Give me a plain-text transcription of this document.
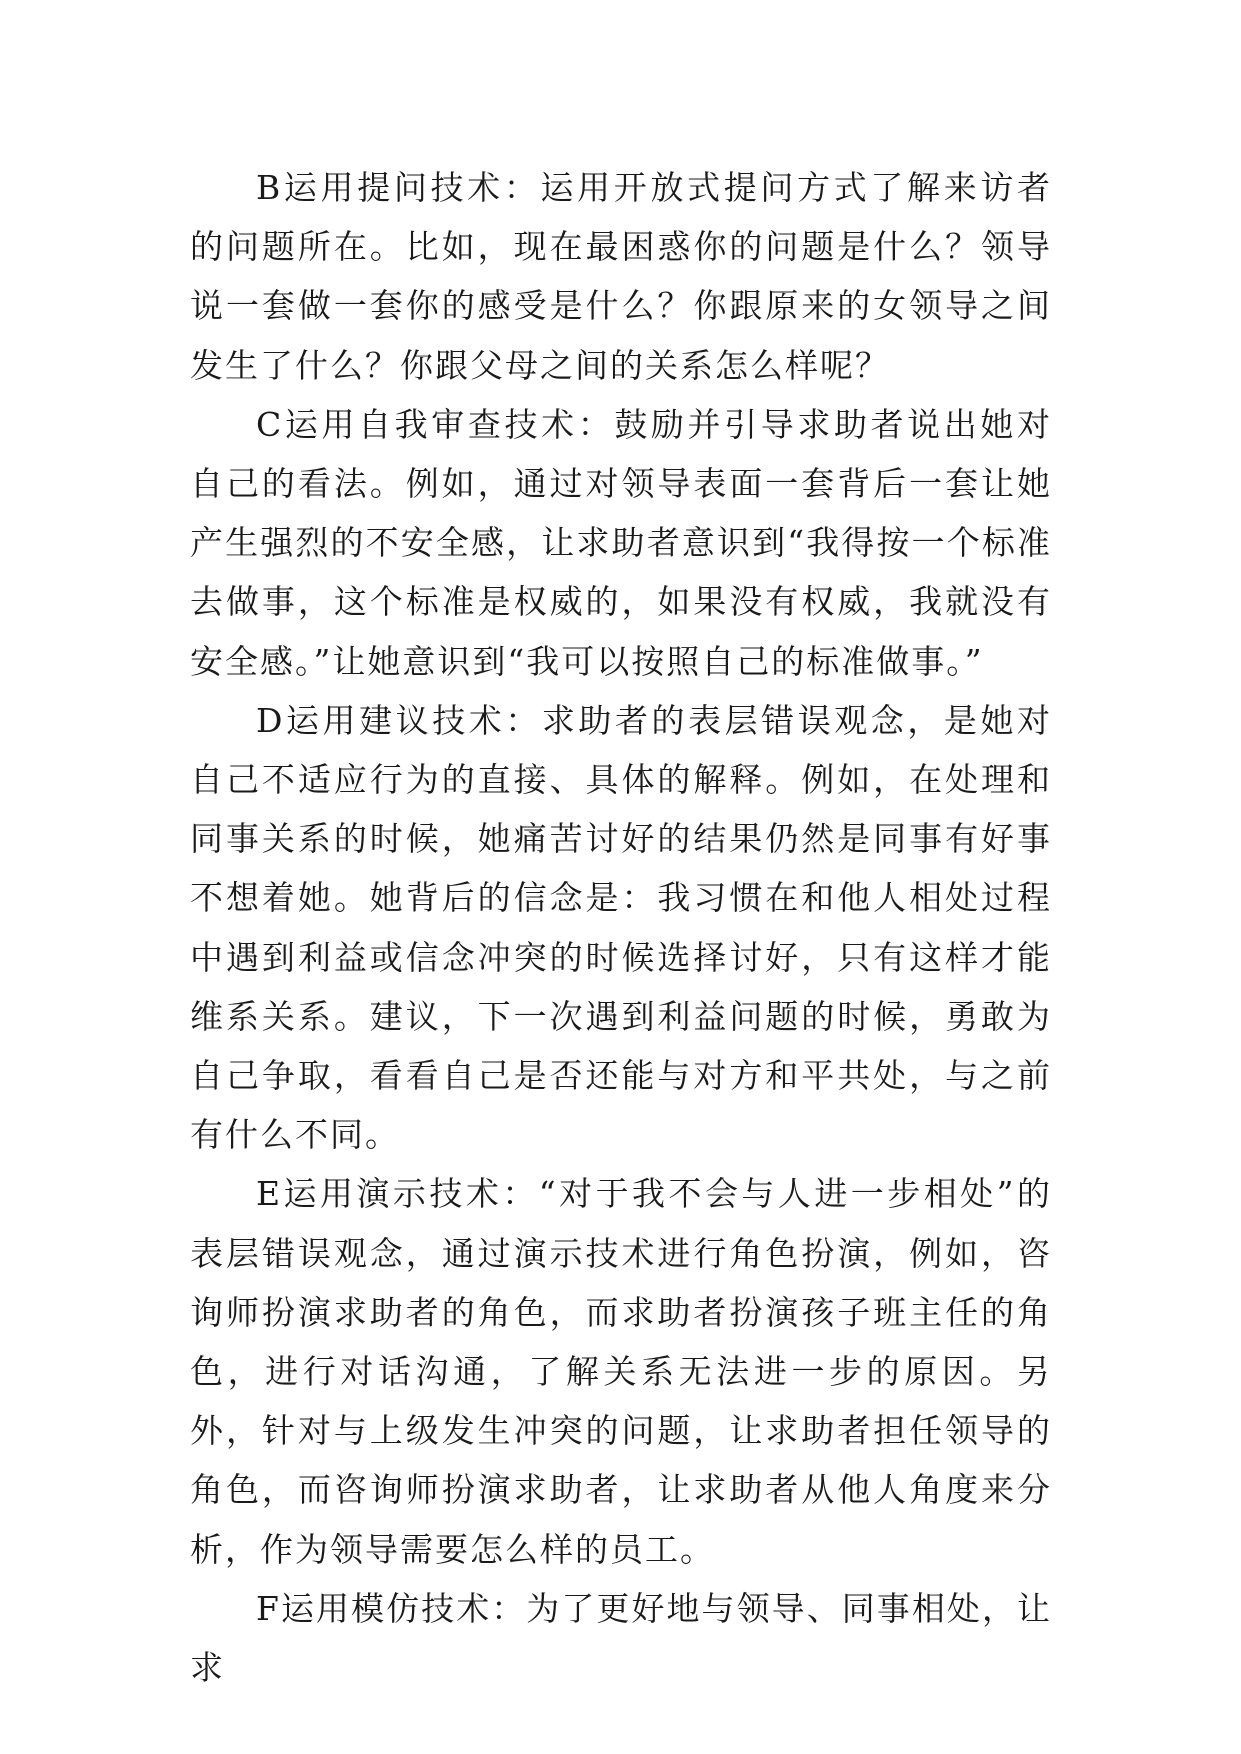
B运用提问技术：运用开放式提问方式了解来访者的问题所在。比如，现在最困惑你的问题是什么？领导说一套做一套你的感受是什么？你跟原来的女领导之间发生了什么？你跟父母之间的关系怎么样呢？

C运用自我审查技术：鼓励并引导求助者说出她对自己的看法。例如，通过对领导表面一套背后一套让她产生强烈的不安全感，让求助者意识到“我得按一个标准去做事，这个标准是权威的，如果没有权威，我就没有安全感。”让她意识到“我可以按照自己的标准做事。”

D运用建议技术：求助者的表层错误观念，是她对自己不适应行为的直接、具体的解释。例如，在处理和同事关系的时候，她痛苦讨好的结果仍然是同事有好事不想着她。她背后的信念是：我习惯在和他人相处过程中遇到利益或信念冲突的时候选择讨好，只有这样才能维系关系。建议，下一次遇到利益问题的时候，勇敢为自己争取，看看自己是否还能与对方和平共处，与之前有什么不同。

E运用演示技术：“对于我不会与人进一步相处”的表层错误观念，通过演示技术进行角色扮演，例如，咨询师扮演求助者的角色，而求助者扮演孩子班主任的角色，进行对话沟通，了解关系无法进一步的原因。另外，针对与上级发生冲突的问题，让求助者担任领导的角色，而咨询师扮演求助者，让求助者从他人角度来分析，作为领导需要怎么样的员工。

F运用模仿技术：为了更好地与领导、同事相处，让求
